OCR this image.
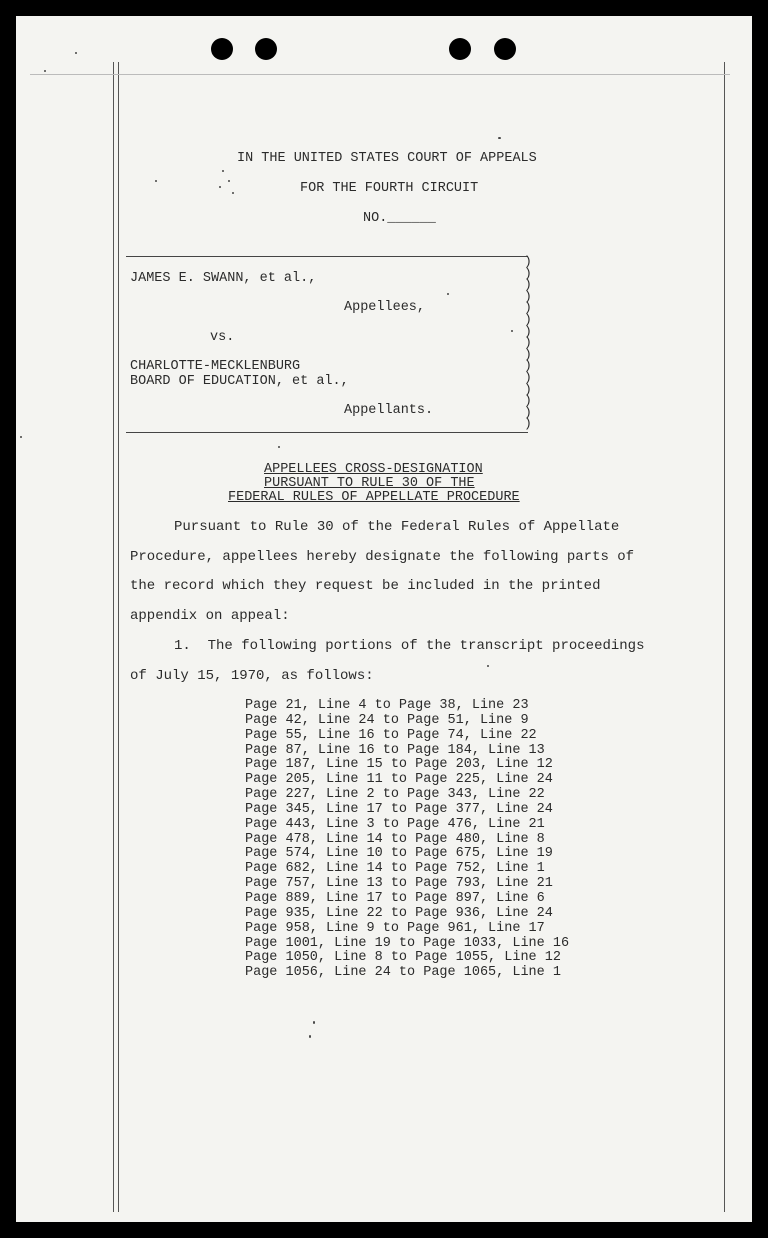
IN THE UNITED STATES COURT OF APPEALS
FOR THE FOURTH CIRCUIT
NO.______
)
)
)
)
)
)
)
)
)
)
)
)
)
)
)
JAMES E. SWANN, et al.,
Appellees,
vs.
CHARLOTTE-MECKLENBURG
BOARD OF EDUCATION, et al.,
Appellants.
APPELLEES CROSS-DESIGNATION
PURSUANT TO RULE 30 OF THE
FEDERAL RULES OF APPELLATE PROCEDURE
Pursuant to Rule 30 of the Federal Rules of Appellate
Procedure, appellees hereby designate the following parts of
the record which they request be included in the printed
appendix on appeal:
1.  The following portions of the transcript proceedings
of July 15, 1970, as follows:
Page 21, Line 4 to Page 38, Line 23
Page 42, Line 24 to Page 51, Line 9
Page 55, Line 16 to Page 74, Line 22
Page 87, Line 16 to Page 184, Line 13
Page 187, Line 15 to Page 203, Line 12
Page 205, Line 11 to Page 225, Line 24
Page 227, Line 2 to Page 343, Line 22
Page 345, Line 17 to Page 377, Line 24
Page 443, Line 3 to Page 476, Line 21
Page 478, Line 14 to Page 480, Line 8
Page 574, Line 10 to Page 675, Line 19
Page 682, Line 14 to Page 752, Line 1
Page 757, Line 13 to Page 793, Line 21
Page 889, Line 17 to Page 897, Line 6
Page 935, Line 22 to Page 936, Line 24
Page 958, Line 9 to Page 961, Line 17
Page 1001, Line 19 to Page 1033, Line 16
Page 1050, Line 8 to Page 1055, Line 12
Page 1056, Line 24 to Page 1065, Line 1
